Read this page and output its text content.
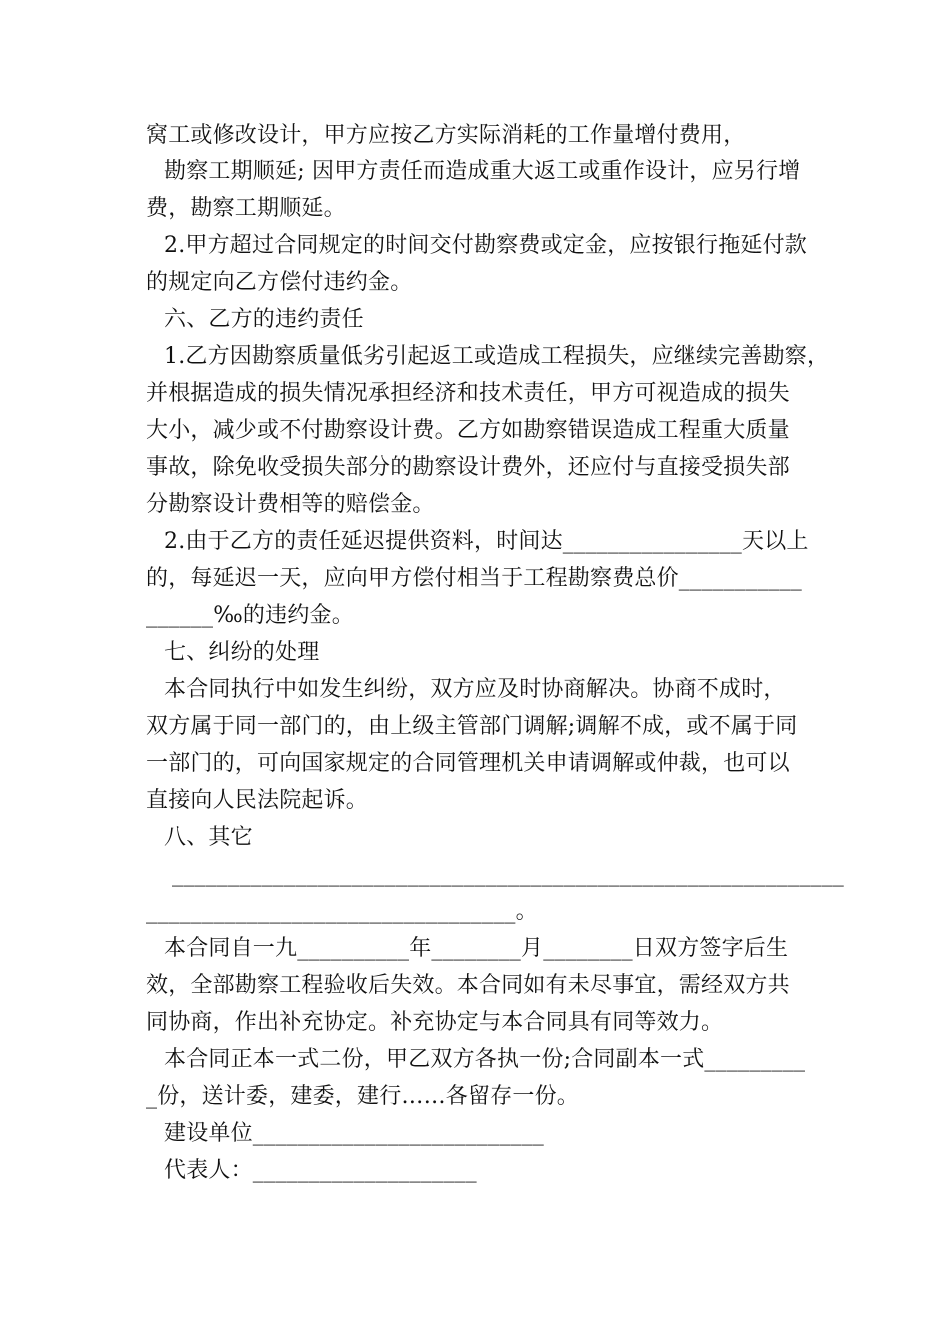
窝工或修改设计，甲方应按乙方实际消耗的工作量增付费用，
勘察工期顺延; 因甲方责任而造成重大返工或重作设计，应另行增
费，勘察工期顺延。
2.甲方超过合同规定的时间交付勘察费或定金，应按银行拖延付款
的规定向乙方偿付违约金。
六、乙方的违约责任
1.乙方因勘察质量低劣引起返工或造成工程损失，应继续完善勘察，
并根据造成的损失情况承担经济和技术责任，甲方可视造成的损失
大小，减少或不付勘察设计费。乙方如勘察错误造成工程重大质量
事故，除免收受损失部分的勘察设计费外，还应付与直接受损失部
分勘察设计费相等的赔偿金。
2.由于乙方的责任延迟提供资料，时间达________________天以上
的，每延迟一天，应向甲方偿付相当于工程勘察费总价___________
______‰的违约金。
七、纠纷的处理
本合同执行中如发生纠纷，双方应及时协商解决。协商不成时，
双方属于同一部门的，由上级主管部门调解;调解不成，或不属于同
一部门的，可向国家规定的合同管理机关申请调解或仲裁，也可以
直接向人民法院起诉。
八、其它
____________________________________________________________
_________________________________。
本合同自一九__________年________月________日双方签字后生
效，全部勘察工程验收后失效。本合同如有未尽事宜，需经双方共
同协商，作出补充协定。补充协定与本合同具有同等效力。
本合同正本一式二份，甲乙双方各执一份;合同副本一式_________
_份，送计委，建委，建行……各留存一份。
建设单位__________________________
代表人：____________________
